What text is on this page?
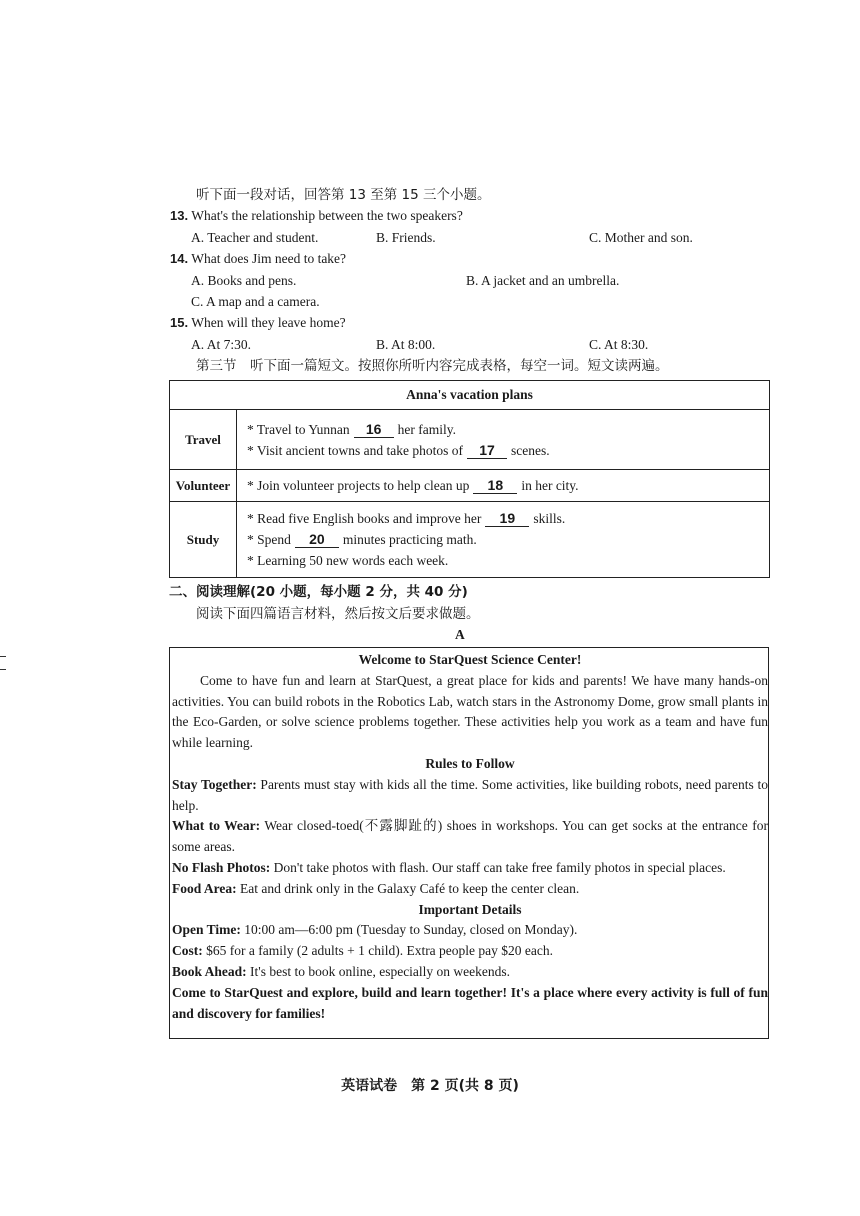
听下面一段对话，回答第 13 至第 15 三个小题。
13. What's the relationship between the two speakers?
A. Teacher and student.	B. Friends.	C. Mother and son.
14. What does Jim need to take?
A. Books and pens.	B. A jacket and an umbrella.
C. A map and a camera.
15. When will they leave home?
A. At 7:30.	B. At 8:00.	C. At 8:30.
第三节　听下面一篇短文。按照你所听内容完成表格，每空一词。短文读两遍。
Anna's vacation plans	
Travel	* Travel to Yunnan 16 her family.
* Visit ancient towns and take photos of 17 scenes.

Volunteer	* Join volunteer projects to help clean up 18 in her city.

Study	* Read five English books and improve her 19 skills.
* Spend 20 minutes practicing math.
* Learning 50 new words each week.
二、阅读理解(20 小题，每小题 2 分，共 40 分)
阅读下面四篇语言材料，然后按文后要求做题。
A

Welcome to StarQuest Science Center!

Come to have fun and learn at StarQuest, a great place for kids and parents! We have many hands-on activities. You can build robots in the Robotics Lab, watch stars in the Astronomy Dome, grow small plants in the Eco-Garden, or solve science problems together. These activities help you work as a team and have fun while learning.

Rules to Follow

Stay Together: Parents must stay with kids all the time. Some activities, like building robots, need parents to help.

What to Wear: Wear closed-toed(不露脚趾的) shoes in workshops. You can get socks at the entrance for some areas.

No Flash Photos: Don't take photos with flash. Our staff can take free family photos in special places.

Food Area: Eat and drink only in the Galaxy Café to keep the center clean.

Important Details

Open Time: 10:00 am—6:00 pm (Tuesday to Sunday, closed on Monday).

Cost: $65 for a family (2 adults + 1 child). Extra people pay $20 each.

Book Ahead: It's best to book online, especially on weekends.

Come to StarQuest and explore, build and learn together! It's a place where every activity is full of fun and discovery for families!

英语试卷　第 2 页(共 8 页)
